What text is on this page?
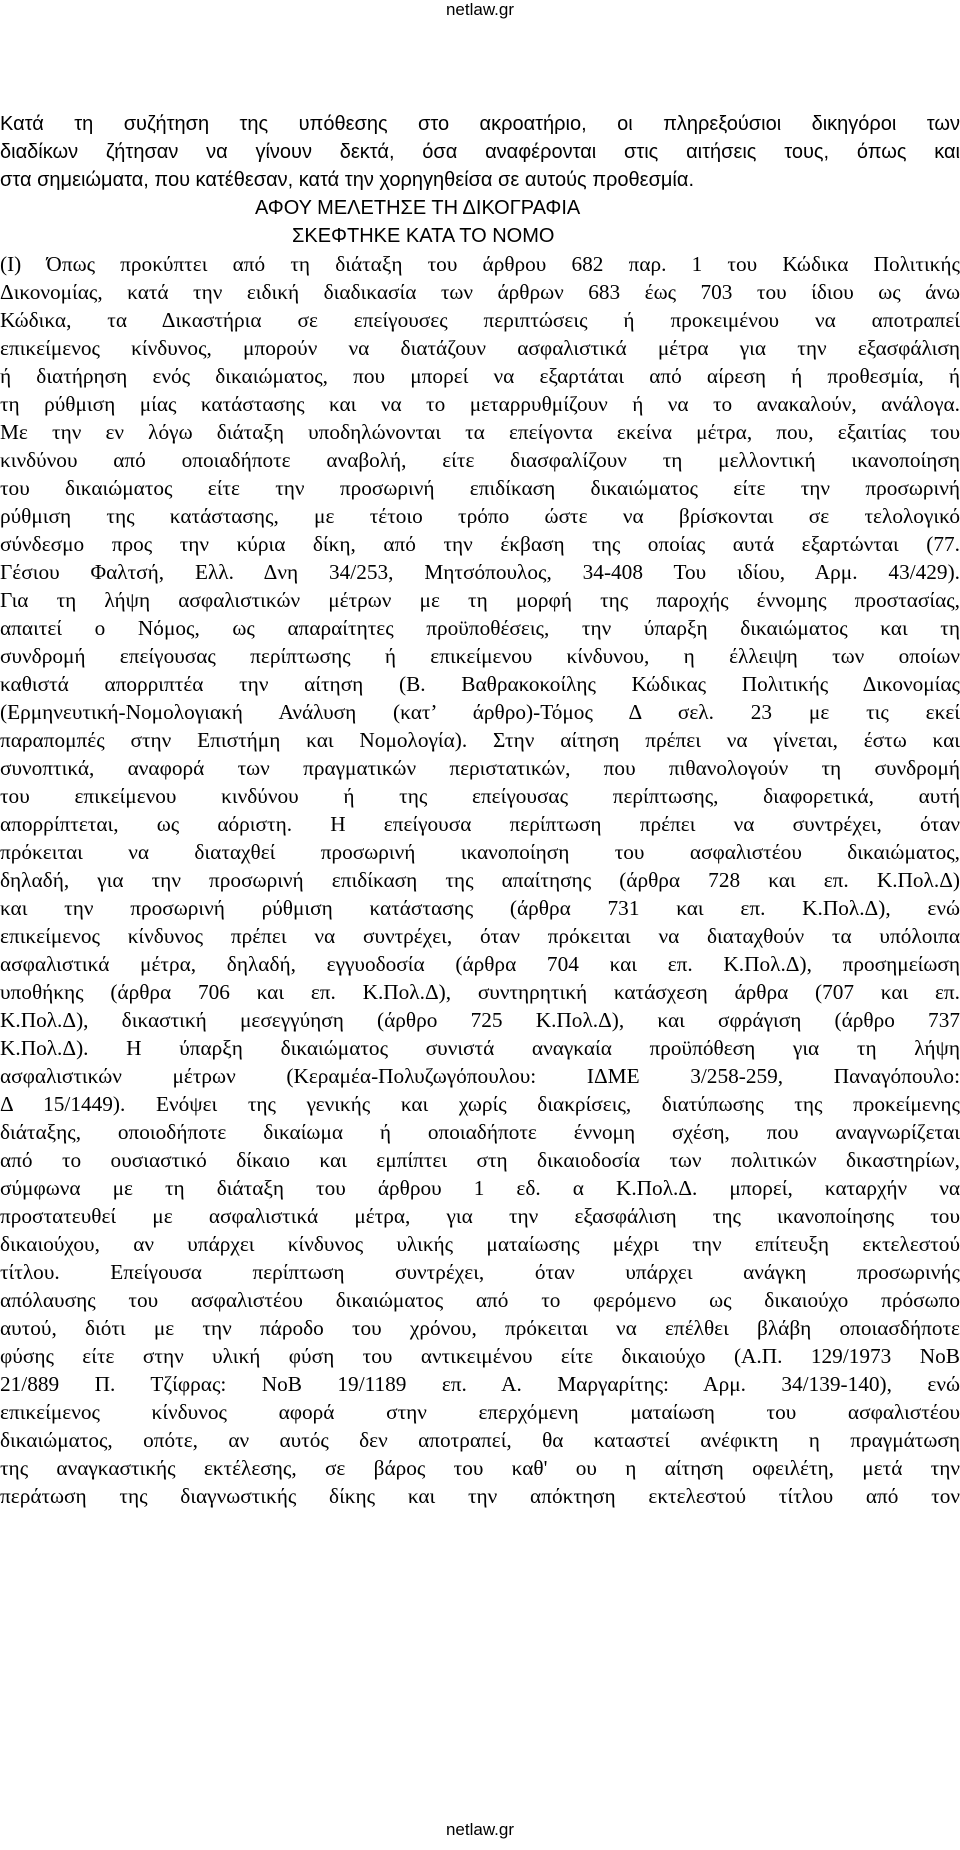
netlaw.gr
Κατά τη συζήτηση της υπόθεσης στο ακροατήριο, οι πληρεξούσιοι δικηγόροι των
διαδίκων ζήτησαν να γίνουν δεκτά, όσα αναφέρονται στις αιτήσεις τους, όπως και
στα σημειώματα, που κατέθεσαν, κατά την χορηγηθείσα σε αυτούς προθεσμία.
ΑΦΟΥ ΜΕΛΕΤΗΣΕ ΤΗ ΔΙΚΟΓΡΑΦΙΑ
ΣΚΕΦΤΗΚΕ ΚΑΤΑ ΤΟ ΝΟΜΟ
(Ι) Όπως προκύπτει από τη διάταξη του άρθρου 682 παρ. 1 του Κώδικα Πολιτικής
Δικονομίας, κατά την ειδική διαδικασία των άρθρων 683 έως 703 του ίδιου ως άνω
Κώδικα, τα Δικαστήρια σε επείγουσες περιπτώσεις ή προκειμένου να αποτραπεί
επικείμενος κίνδυνος, μπορούν να διατάζουν ασφαλιστικά μέτρα για την εξασφάλιση
ή διατήρηση ενός δικαιώματος, που μπορεί να εξαρτάται από αίρεση ή προθεσμία, ή
τη ρύθμιση μίας κατάστασης και να το μεταρρυθμίζουν ή να το ανακαλούν, ανάλογα.
Με την εν λόγω διάταξη υποδηλώνονται τα επείγοντα εκείνα μέτρα, που, εξαιτίας του
κινδύνου από οποιαδήποτε αναβολή, είτε διασφαλίζουν τη μελλοντική ικανοποίηση
του δικαιώματος είτε την προσωρινή επιδίκαση δικαιώματος είτε την προσωρινή
ρύθμιση της κατάστασης, με τέτοιο τρόπο ώστε να βρίσκονται σε τελολογικό
σύνδεσμο προς την κύρια δίκη, από την έκβαση της οποίας αυτά εξαρτώνται (77.
Γέσιου Φαλτσή, Ελλ. Δνη 34/253, Μητσόπουλος, 34-408 Του ιδίου, Αρμ. 43/429).
Για τη λήψη ασφαλιστικών μέτρων με τη μορφή της παροχής έννομης προστασίας,
απαιτεί ο Νόμος, ως απαραίτητες προϋποθέσεις, την ύπαρξη δικαιώματος και τη
συνδρομή επείγουσας περίπτωσης ή επικείμενου κίνδυνου, η έλλειψη των οποίων
καθιστά απορριπτέα την αίτηση (Β. Βαθρακοκοίλης Κώδικας Πολιτικής Δικονομίας
(Ερμηνευτική-Νομολογιακή Ανάλυση (κατ’ άρθρο)-Τόμος Δ σελ. 23 με τις εκεί
παραπομπές στην Επιστήμη και Νομολογία). Στην αίτηση πρέπει να γίνεται, έστω και
συνοπτικά, αναφορά των πραγματικών περιστατικών, που πιθανολογούν τη συνδρομή
του επικείμενου κινδύνου ή της επείγουσας περίπτωσης, διαφορετικά, αυτή
απορρίπτεται, ως αόριστη. Η επείγουσα περίπτωση πρέπει να συντρέχει, όταν
πρόκειται να διαταχθεί προσωρινή ικανοποίηση του ασφαλιστέου δικαιώματος,
δηλαδή, για την προσωρινή επιδίκαση της απαίτησης (άρθρα 728 και επ. Κ.Πολ.Δ)
και την προσωρινή ρύθμιση κατάστασης (άρθρα 731 και επ. Κ.Πολ.Δ), ενώ
επικείμενος κίνδυνος πρέπει να συντρέχει, όταν πρόκειται να διαταχθούν τα υπόλοιπα
ασφαλιστικά μέτρα, δηλαδή, εγγυοδοσία (άρθρα 704 και επ. Κ.Πολ.Δ), προσημείωση
υποθήκης (άρθρα 706 και επ. Κ.Πολ.Δ), συντηρητική κατάσχεση άρθρα (707 και επ.
Κ.Πολ.Δ), δικαστική μεσεγγύηση (άρθρο 725 Κ.Πολ.Δ), και σφράγιση (άρθρο 737
Κ.Πολ.Δ). Η ύπαρξη δικαιώματος συνιστά αναγκαία προϋπόθεση για τη λήψη
ασφαλιστικών μέτρων (Κεραμέα-Πολυζωγόπουλου: ΙΔΜΕ 3/258-259, Παναγόπουλο:
Δ 15/1449). Ενόψει της γενικής και χωρίς διακρίσεις, διατύπωσης της προκείμενης
διάταξης, οποιοδήποτε δικαίωμα ή οποιαδήποτε έννομη σχέση, που αναγνωρίζεται
από το ουσιαστικό δίκαιο και εμπίπτει στη δικαιοδοσία των πολιτικών δικαστηρίων,
σύμφωνα με τη διάταξη του άρθρου 1 εδ. α Κ.Πολ.Δ. μπορεί, καταρχήν να
προστατευθεί με ασφαλιστικά μέτρα, για την εξασφάλιση της ικανοποίησης του
δικαιούχου, αν υπάρχει κίνδυνος υλικής ματαίωσης μέχρι την επίτευξη εκτελεστού
τίτλου. Επείγουσα περίπτωση συντρέχει, όταν υπάρχει ανάγκη προσωρινής
απόλαυσης του ασφαλιστέου δικαιώματος από το φερόμενο ως δικαιούχο πρόσωπο
αυτού, διότι με την πάροδο του χρόνου, πρόκειται να επέλθει βλάβη οποιασδήποτε
φύσης είτε στην υλική φύση του αντικειμένου είτε δικαιούχο (Α.Π. 129/1973 ΝοΒ
21/889 Π. Τζίφρας: ΝοΒ 19/1189 επ. Α. Μαργαρίτης: Αρμ. 34/139-140), ενώ
επικείμενος κίνδυνος αφορά στην επερχόμενη ματαίωση του ασφαλιστέου
δικαιώματος, οπότε, αν αυτός δεν αποτραπεί, θα καταστεί ανέφικτη η πραγμάτωση
της αναγκαστικής εκτέλεσης, σε βάρος του καθ' ου η αίτηση οφειλέτη, μετά την
περάτωση της διαγνωστικής δίκης και την απόκτηση εκτελεστού τίτλου από τον
netlaw.gr
